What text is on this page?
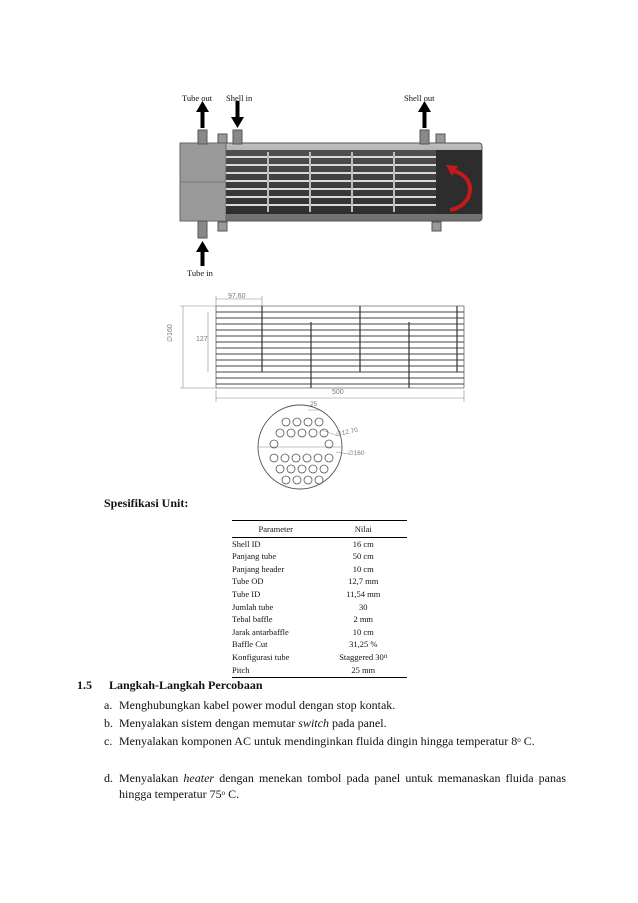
Tube out Shell in	Shell out
Tube in
97.60
∅160	127
500
25
∅12.70
∅160
Spesifikasi Unit:
Parameter	Nilai
Shell ID	16 cm
Panjang tube	50 cm
Panjang header	10 cm
Tube OD	12,7 mm
Tube ID	11,54 mm
Jumlah tube	30
Tebal baffle	2 mm
Jarak antarbaffle	10 cm
Baffle Cut	31,25 %
Konfigurasi tube	Staggered 30$^o$
Pitch	25 mm
1.5 Langkah-Langkah Percobaan
a. Menghubungkan kabel power modul dengan stop kontak.
b. Menyalakan sistem dengan memutar switch pada panel.
c. Menyalakan komponen AC untuk mendinginkan fluida dingin hingga temperatur 8$^o$ C.
d. Menyalakan heater dengan menekan tombol pada panel untuk memanaskan fluida panas hingga temperatur 75$^o$ C.
